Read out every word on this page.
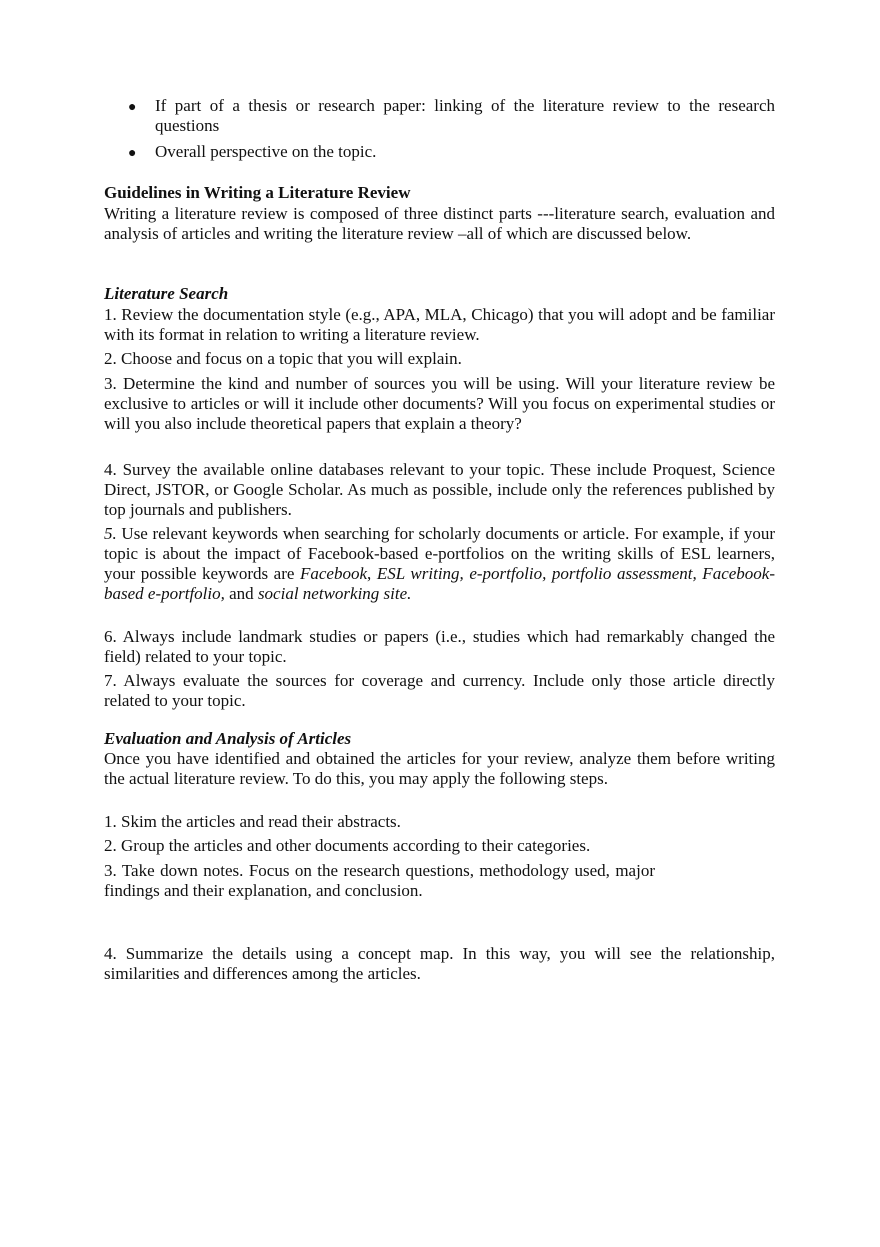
● If part of a thesis or research paper: linking of the literature review to the research questions
● Overall perspective on the topic.
Guidelines in Writing a Literature Review
Writing a literature review is composed of three distinct parts ---literature search, evaluation and analysis of articles and writing the literature review –all of which are discussed below.
Literature Search
1. Review the documentation style (e.g., APA, MLA, Chicago) that you will adopt and be familiar with its format in relation to writing a literature review.
2. Choose and focus on a topic that you will explain.
3. Determine the kind and number of sources you will be using. Will your literature review be exclusive to articles or will it include other documents? Will you focus on experimental studies or will you also include theoretical papers that explain a theory?
4. Survey the available online databases relevant to your topic. These include Proquest, Science Direct, JSTOR, or Google Scholar. As much as possible, include only the references published by top journals and publishers.
5. Use relevant keywords when searching for scholarly documents or article. For example, if your topic is about the impact of Facebook-based e-portfolios on the writing skills of ESL learners, your possible keywords are Facebook, ESL writing, e-portfolio, portfolio assessment, Facebook-based e-portfolio, and social networking site.
6. Always include landmark studies or papers (i.e., studies which had remarkably changed the field) related to your topic.
7. Always evaluate the sources for coverage and currency. Include only those article directly related to your topic.
Evaluation and Analysis of Articles
Once you have identified and obtained the articles for your review, analyze them before writing the actual literature review. To do this, you may apply the following steps.
1. Skim the articles and read their abstracts.
2. Group the articles and other documents according to their categories.
3. Take down notes. Focus on the research questions, methodology used, major findings and their explanation, and conclusion.
4. Summarize the details using a concept map. In this way, you will see the relationship, similarities and differences among the articles.
